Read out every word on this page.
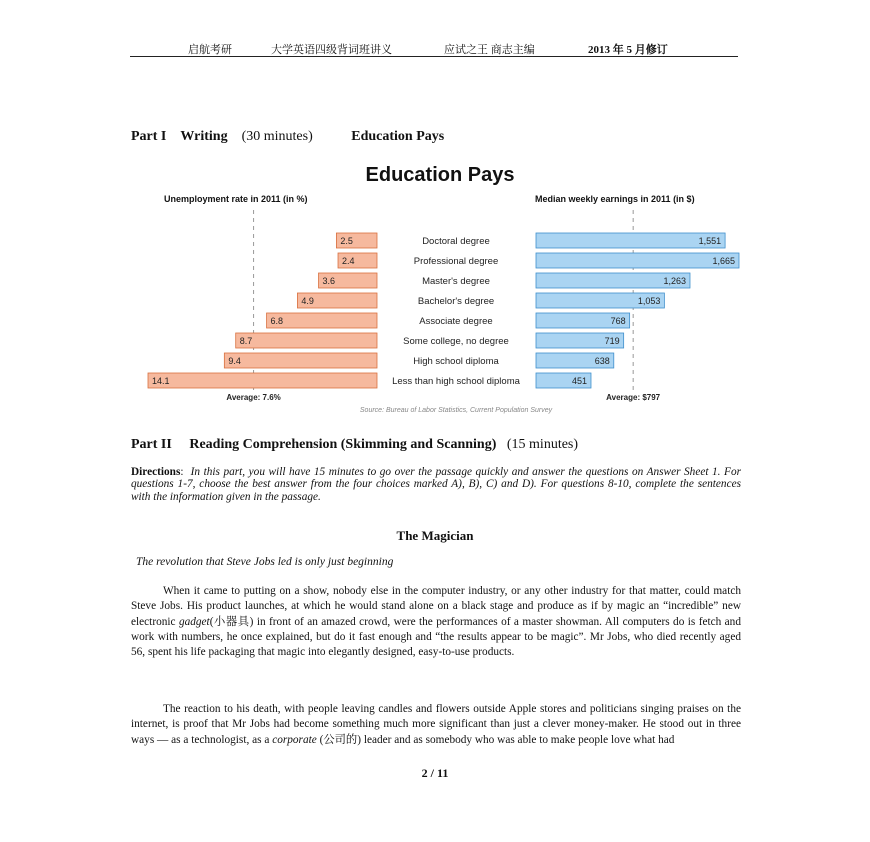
启航考研	大学英语四级背词班讲义	应试之王 商志主编	2013 年 5 月修订
Part I Writing (30 minutes)	Education Pays
Education Pays
Unemployment rate in 2011 (in %)	Median weekly earnings in 2011 (in $)
2.5	1,551
Doctoral degree
2.4	1,665
Professional degree
3.6	1,263
Master's degree
4.9	1,053
Bachelor's degree
6.8	768
Associate degree
8.7	719
Some college, no degree
9.4	638
High school diploma
14.1	451
Less than high school diploma
Average: 7.6%	Average: $797
Source: Bureau of Labor Statistics, Current Population Survey
Part II Reading Comprehension (Skimming and Scanning) (15 minutes)
Directions:  In this part, you will have 15 minutes to go over the passage quickly and answer the questions on Answer Sheet 1. For questions 1-7, choose the best answer from the four choices marked A), B), C) and D). For questions 8-10, complete the sentences with the information given in the passage.
The Magician
The revolution that Steve Jobs led is only just beginning
When it came to putting on a show, nobody else in the computer industry, or any other industry for that matter, could match Steve Jobs. His product launches, at which he would stand alone on a black stage and produce as if by magic an “incredible” new electronic gadget(小器具) in front of an amazed crowd, were the performances of a master showman. All computers do is fetch and work with numbers, he once explained, but do it fast enough and “the results appear to be magic”. Mr Jobs, who died recently aged 56, spent his life packaging that magic into elegantly designed, easy-to-use products.
The reaction to his death, with people leaving candles and flowers outside Apple stores and politicians singing praises on the internet, is proof that Mr Jobs had become something much more significant than just a clever money-maker. He stood out in three ways — as a technologist, as a corporate (公司的) leader and as somebody who was able to make people love what had
2 / 11
